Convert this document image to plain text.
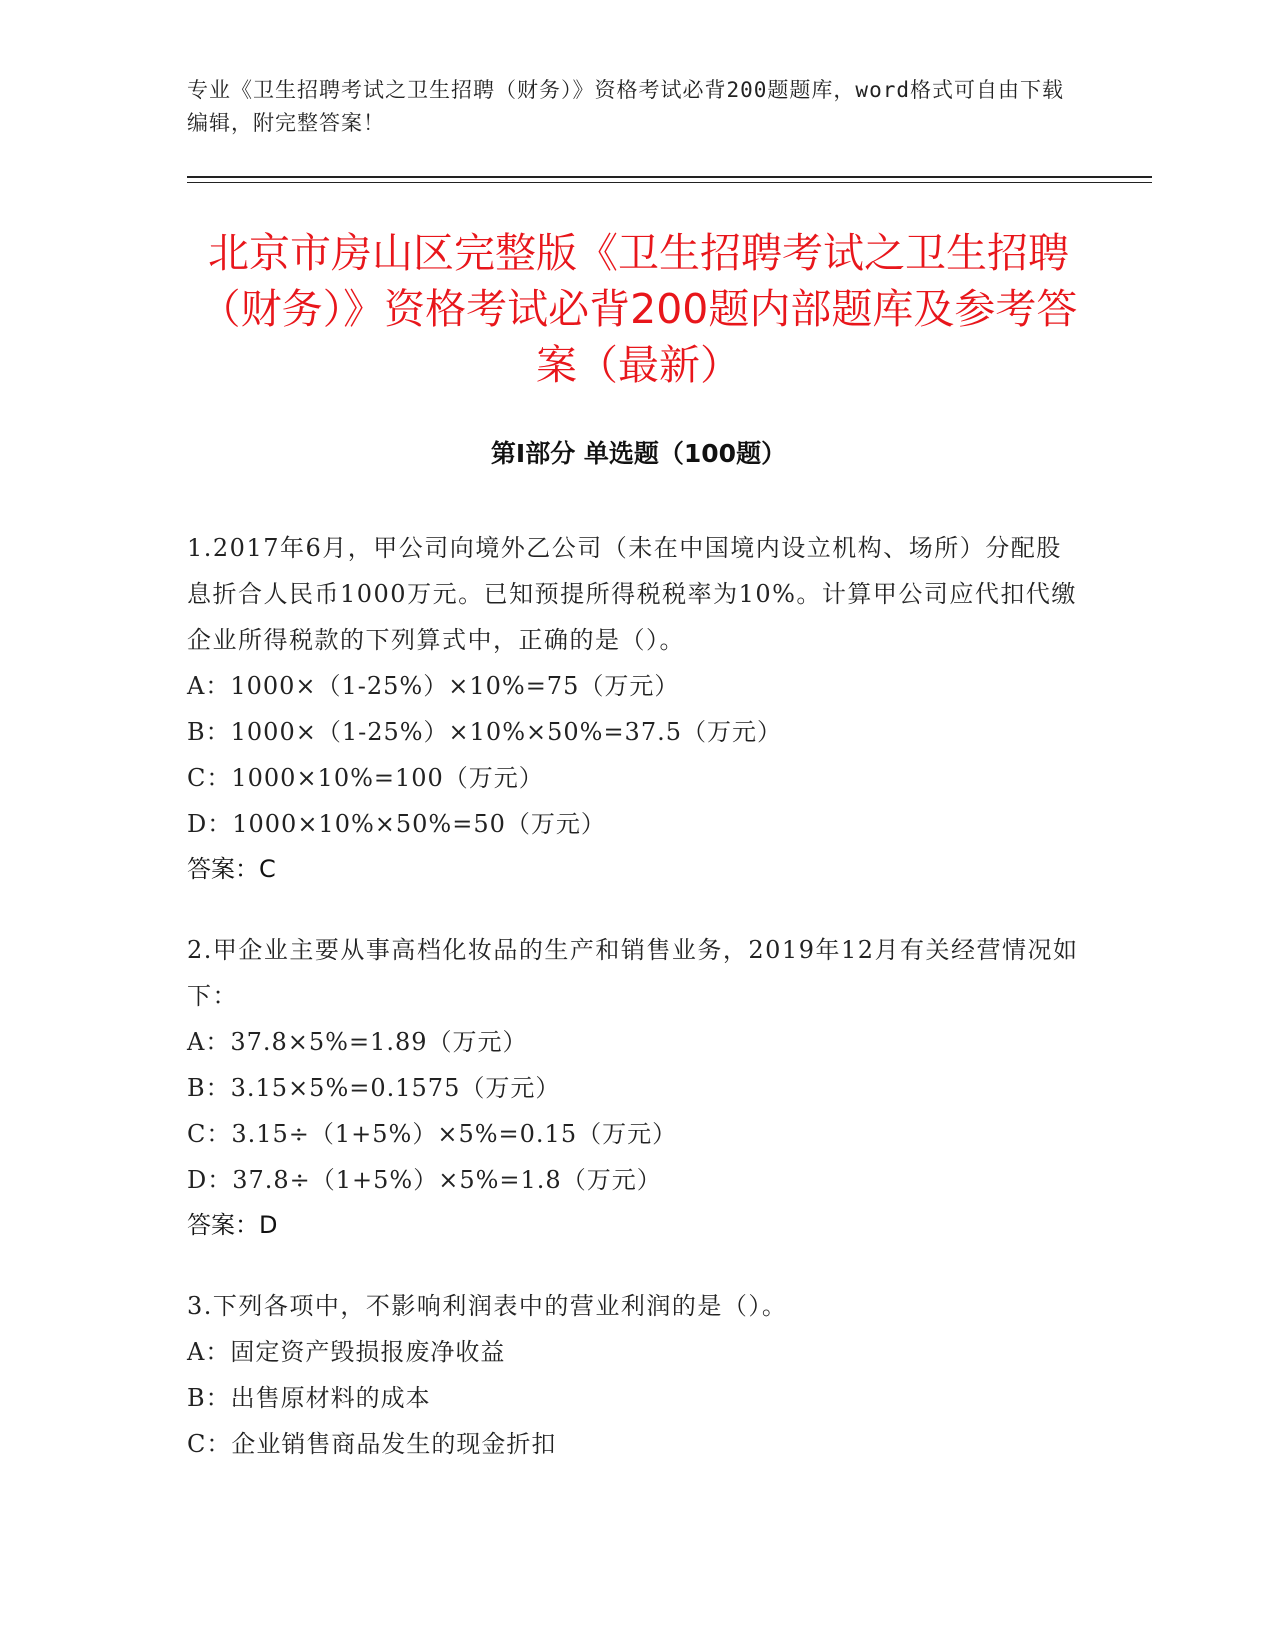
专业《卫生招聘考试之卫生招聘（财务）》资格考试必背200题题库，word格式可自由下载编辑，附完整答案！
北京市房山区完整版《卫生招聘考试之卫生招聘（财务）》资格考试必背200题内部题库及参考答案（最新）
第Ⅰ部分 单选题（100题）

1.2017年6月，甲公司向境外乙公司（未在中国境内设立机构、场所）分配股息折合人民币1000万元。已知预提所得税税率为10%。计算甲公司应代扣代缴企业所得税款的下列算式中，正确的是（）。

A：1000×（1-25%）×10%=75（万元）

B：1000×（1-25%）×10%×50%=37.5（万元）

C：1000×10%=100（万元）

D：1000×10%×50%=50（万元）

答案：C

2.甲企业主要从事高档化妆品的生产和销售业务，2019年12月有关经营情况如下：

A：37.8×5%=1.89（万元）

B：3.15×5%=0.1575（万元）

C：3.15÷（1+5%）×5%=0.15（万元）

D：37.8÷（1+5%）×5%=1.8（万元）

答案：D

3.下列各项中，不影响利润表中的营业利润的是（）。

A：固定资产毁损报废净收益

B：出售原材料的成本

C：企业销售商品发生的现金折扣
